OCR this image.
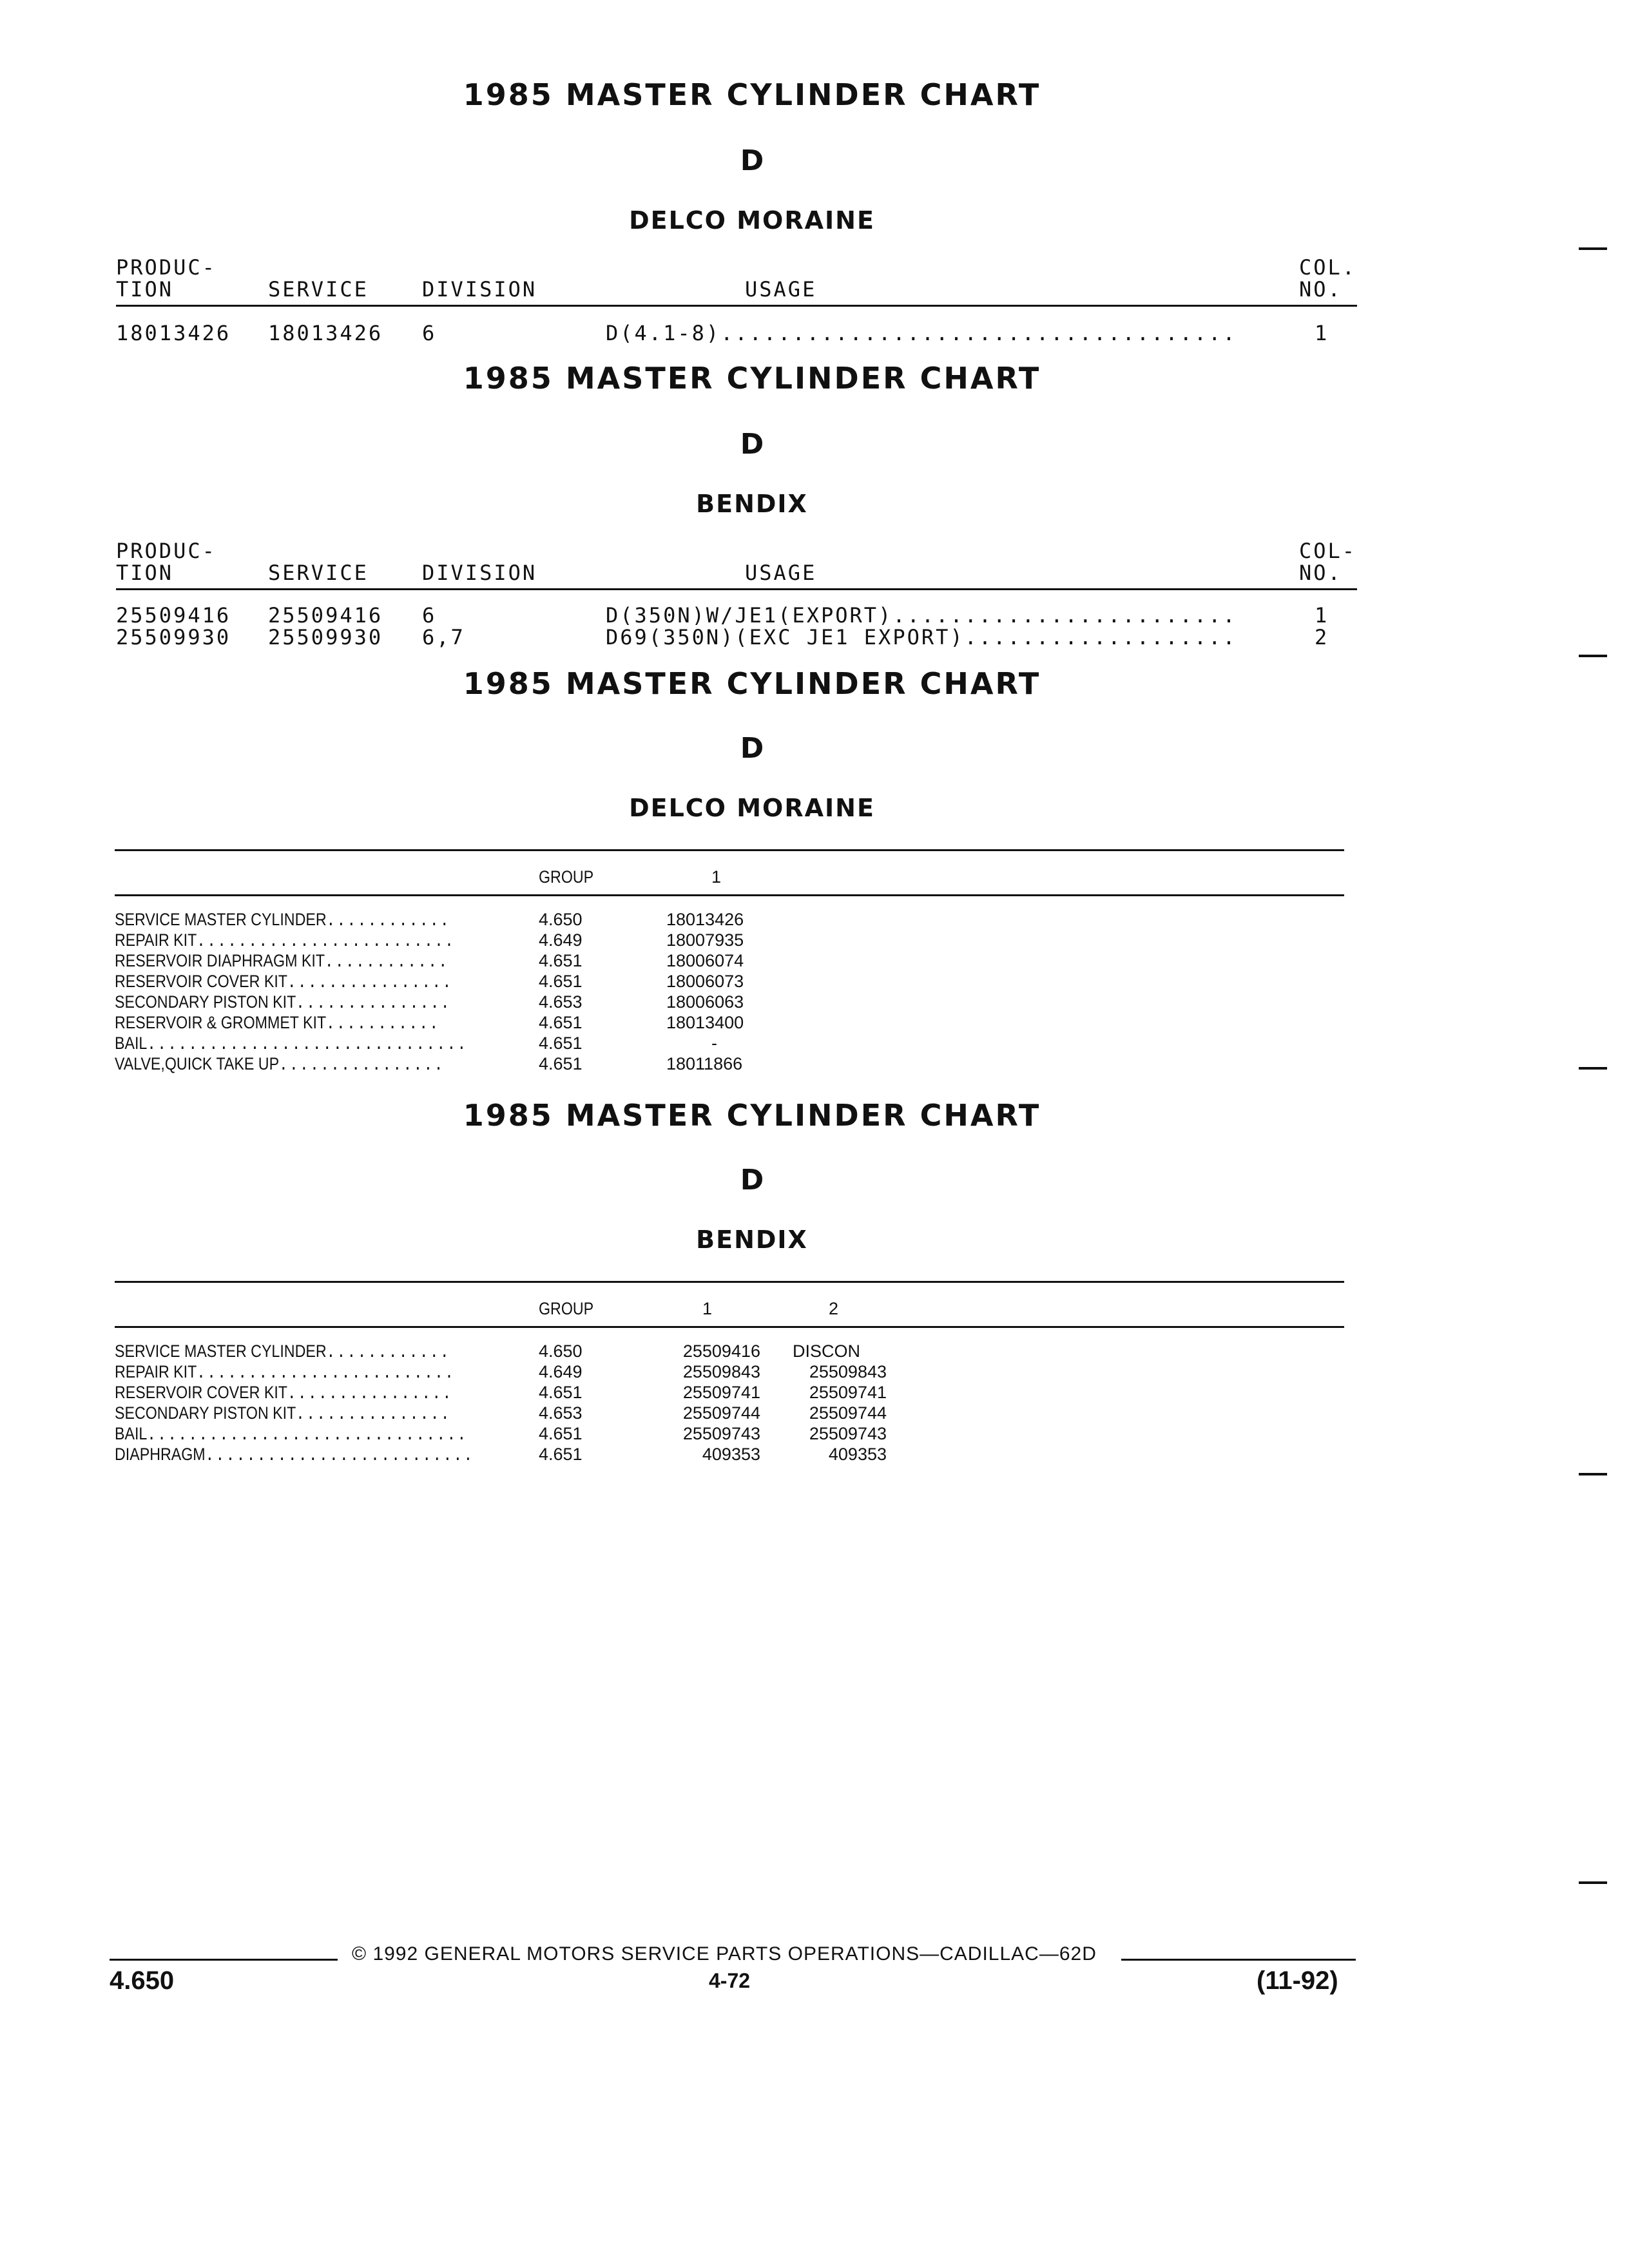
1985 MASTER CYLINDER CHART
D
DELCO MORAINE
PRODUC-
TION	SERVICE	DIVISION	USAGE
COL.
NO.
18013426 18013426 6	D(4.1-8)....................................	1
1985 MASTER CYLINDER CHART
D
BENDIX
PRODUC-
TION	SERVICE	DIVISION	USAGE
COL-
NO.
25509416 25509416 6	D(350N)W/JE1(EXPORT)........................	1
25509930 25509930 6,7	D69(350N)(EXC JE1 EXPORT)...................	2
1985 MASTER CYLINDER CHART
D
DELCO MORAINE
GROUP	1
SERVICE MASTER CYLINDER............	4.650	18013426
REPAIR KIT.........................	4.649	18007935
RESERVOIR DIAPHRAGM KIT............	4.651	18006074
RESERVOIR COVER KIT................	4.651	18006073
SECONDARY PISTON KIT...............	4.653	18006063
RESERVOIR & GROMMET KIT...........	4.651	18013400
BAIL...............................	4.651	-
VALVE,QUICK TAKE UP................	4.651	18011866
1985 MASTER CYLINDER CHART
D
BENDIX
GROUP	1	2
SERVICE MASTER CYLINDER............	4.650	25509416 DISCON
REPAIR KIT.........................	4.649	25509843	25509843
RESERVOIR COVER KIT................	4.651	25509741	25509741
SECONDARY PISTON KIT...............	4.653	25509744	25509744
BAIL...............................	4.651	25509743	25509743
DIAPHRAGM..........................	4.651	409353	409353
© 1992 GENERAL MOTORS SERVICE PARTS OPERATIONS—CADILLAC—62D
4.650	4-72	(11-92)
